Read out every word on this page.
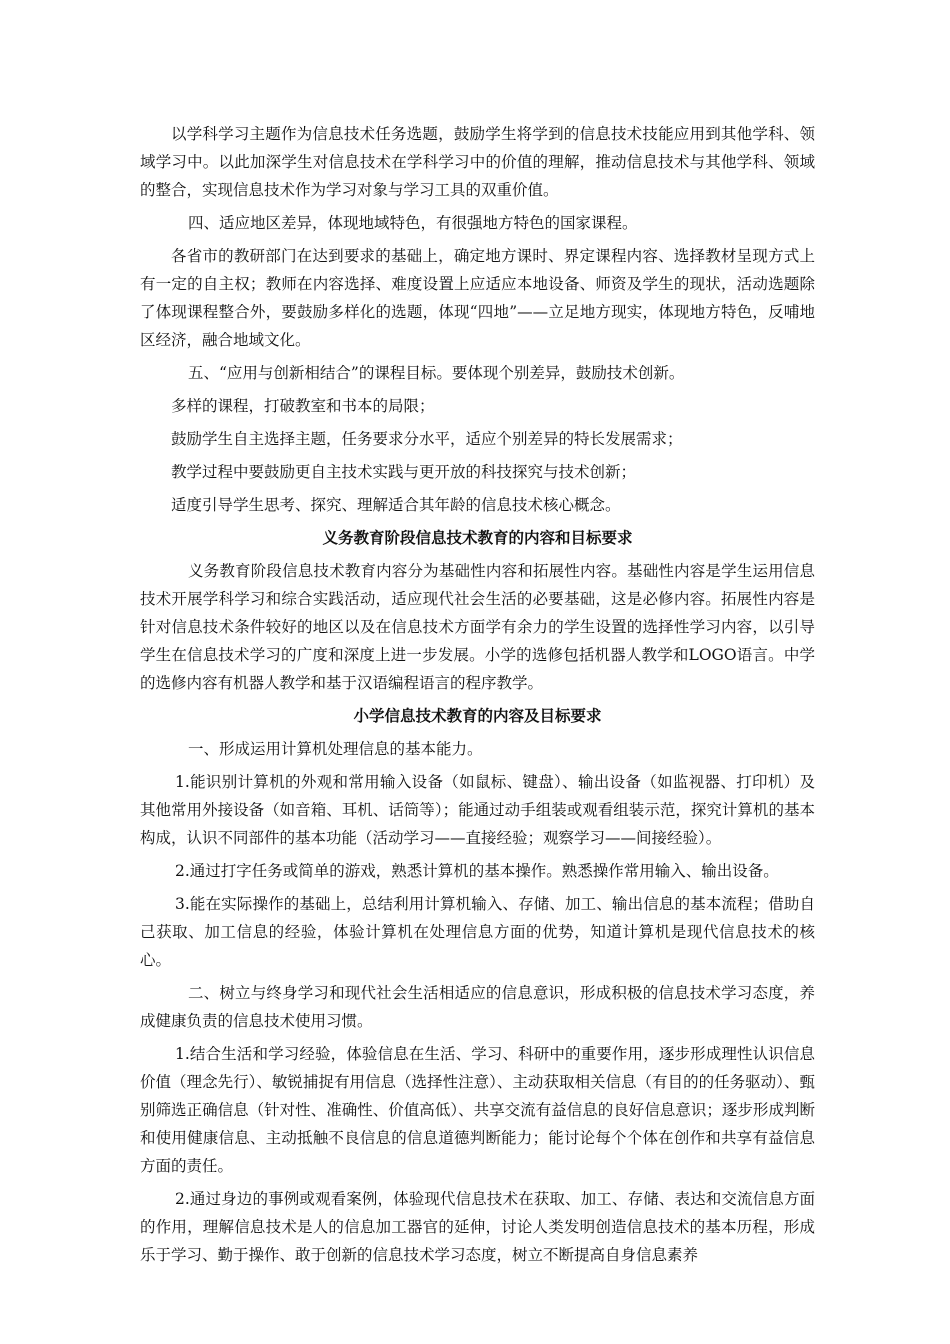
以学科学习主题作为信息技术任务选题，鼓励学生将学到的信息技术技能应用到其他学科、领域学习中。以此加深学生对信息技术在学科学习中的价值的理解，推动信息技术与其他学科、领域的整合，实现信息技术作为学习对象与学习工具的双重价值。

四、适应地区差异，体现地域特色，有很强地方特色的国家课程。

各省市的教研部门在达到要求的基础上，确定地方课时、界定课程内容、选择教材呈现方式上有一定的自主权；教师在内容选择、难度设置上应适应本地设备、师资及学生的现状，活动选题除了体现课程整合外，要鼓励多样化的选题，体现“四地”——立足地方现实，体现地方特色，反哺地区经济，融合地域文化。

五、“应用与创新相结合”的课程目标。要体现个别差异，鼓励技术创新。

多样的课程，打破教室和书本的局限；

鼓励学生自主选择主题，任务要求分水平，适应个别差异的特长发展需求；

教学过程中要鼓励更自主技术实践与更开放的科技探究与技术创新；

适度引导学生思考、探究、理解适合其年龄的信息技术核心概念。

义务教育阶段信息技术教育的内容和目标要求

义务教育阶段信息技术教育内容分为基础性内容和拓展性内容。基础性内容是学生运用信息技术开展学科学习和综合实践活动，适应现代社会生活的必要基础，这是必修内容。拓展性内容是针对信息技术条件较好的地区以及在信息技术方面学有余力的学生设置的选择性学习内容，以引导学生在信息技术学习的广度和深度上进一步发展。小学的选修包括机器人教学和LOGO语言。中学的选修内容有机器人教学和基于汉语编程语言的程序教学。

小学信息技术教育的内容及目标要求

一、形成运用计算机处理信息的基本能力。

1.能识别计算机的外观和常用输入设备（如鼠标、键盘）、输出设备（如监视器、打印机）及其他常用外接设备（如音箱、耳机、话筒等）；能通过动手组装或观看组装示范，探究计算机的基本构成，认识不同部件的基本功能（活动学习——直接经验；观察学习——间接经验）。

2.通过打字任务或简单的游戏，熟悉计算机的基本操作。熟悉操作常用输入、输出设备。

3.能在实际操作的基础上，总结利用计算机输入、存储、加工、输出信息的基本流程；借助自己获取、加工信息的经验，体验计算机在处理信息方面的优势，知道计算机是现代信息技术的核心。

二、树立与终身学习和现代社会生活相适应的信息意识，形成积极的信息技术学习态度，养成健康负责的信息技术使用习惯。

1.结合生活和学习经验，体验信息在生活、学习、科研中的重要作用，逐步形成理性认识信息价值（理念先行）、敏锐捕捉有用信息（选择性注意）、主动获取相关信息（有目的的任务驱动）、甄别筛选正确信息（针对性、准确性、价值高低）、共享交流有益信息的良好信息意识；逐步形成判断和使用健康信息、主动抵触不良信息的信息道德判断能力；能讨论每个个体在创作和共享有益信息方面的责任。

2.通过身边的事例或观看案例，体验现代信息技术在获取、加工、存储、表达和交流信息方面的作用，理解信息技术是人的信息加工器官的延伸，讨论人类发明创造信息技术的基本历程，形成乐于学习、勤于操作、敢于创新的信息技术学习态度，树立不断提高自身信息素养
